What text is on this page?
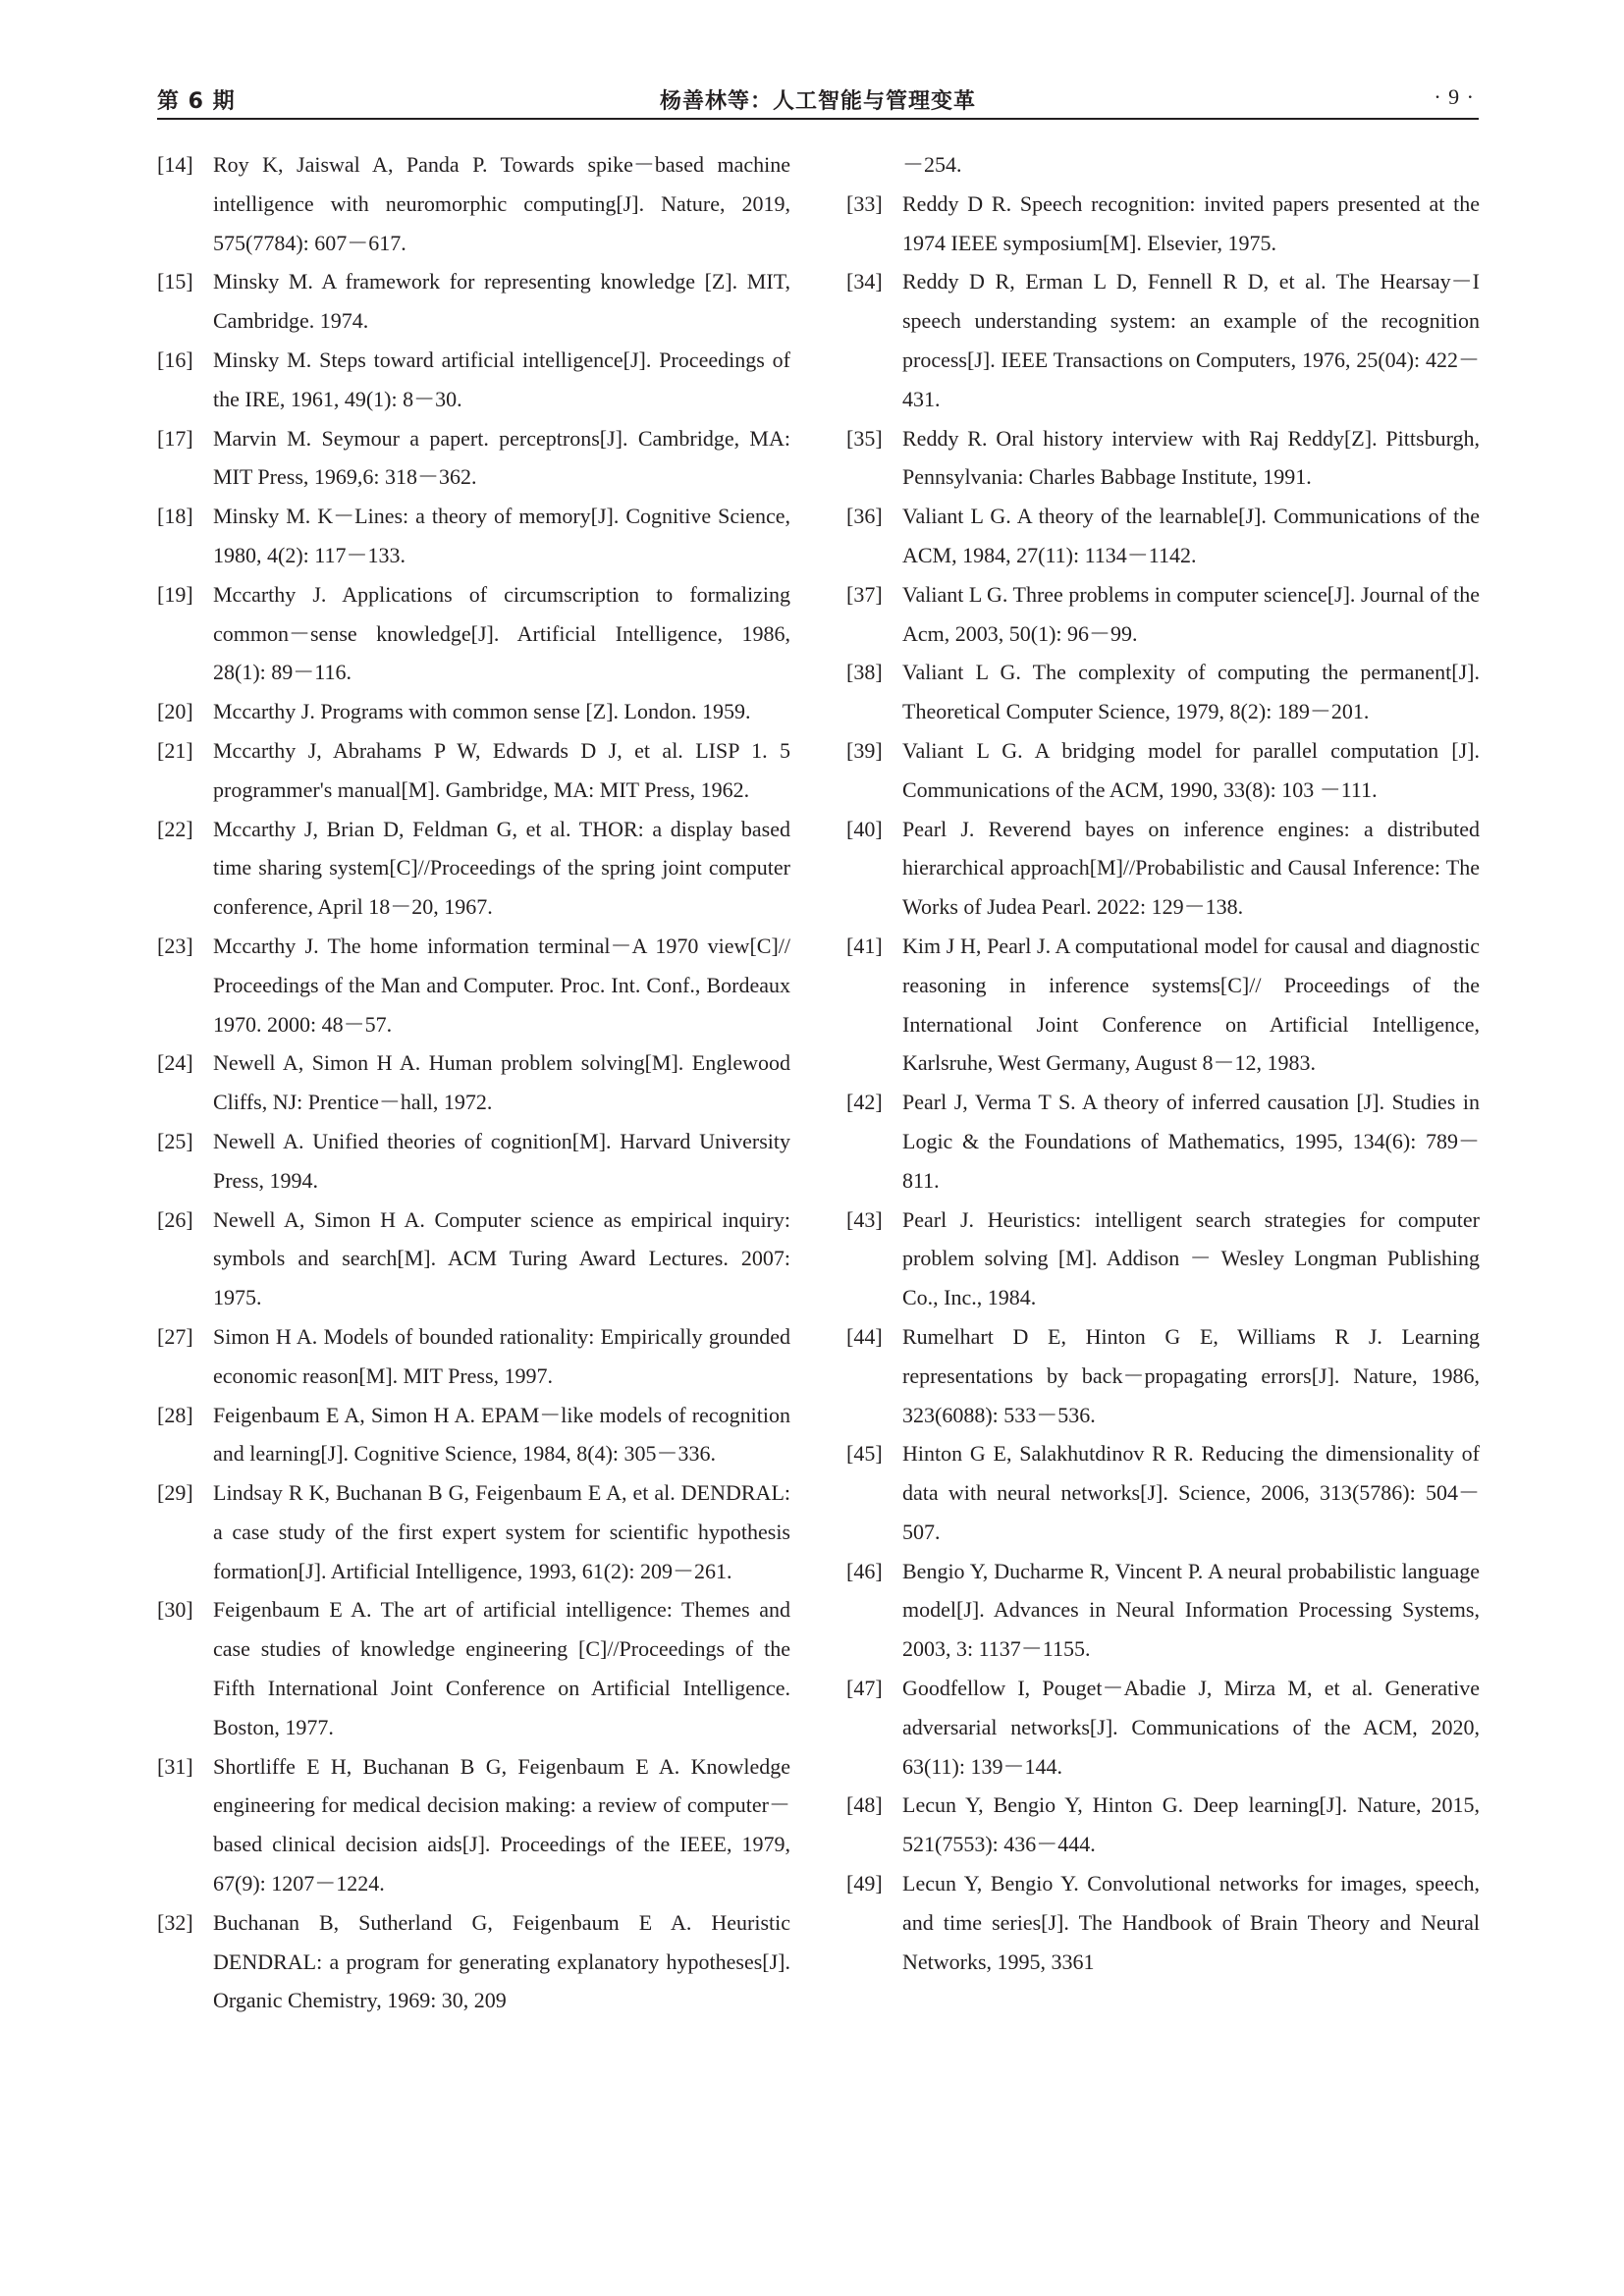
第 6 期	杨善林等：人工智能与管理变革	· 9 ·
[14] Roy K, Jaiswal A, Panda P. Towards spike－based machine intelligence with neuromorphic computing[J]. Nature, 2019, 575(7784): 607－617.
[15] Minsky M. A framework for representing knowledge [Z]. MIT, Cambridge. 1974.
[16] Minsky M. Steps toward artificial intelligence[J]. Proceedings of the IRE, 1961, 49(1): 8－30.
[17] Marvin M. Seymour a papert. perceptrons[J]. Cambridge, MA: MIT Press, 1969,6: 318－362.
[18] Minsky M. K－Lines: a theory of memory[J]. Cognitive Science, 1980, 4(2): 117－133.
[19] Mccarthy J. Applications of circumscription to formalizing common－sense knowledge[J]. Artificial Intelligence, 1986, 28(1): 89－116.
[20] Mccarthy J. Programs with common sense [Z]. London. 1959.
[21] Mccarthy J, Abrahams P W, Edwards D J, et al. LISP 1. 5 programmer's manual[M]. Gambridge, MA: MIT Press, 1962.
[22] Mccarthy J, Brian D, Feldman G, et al. THOR: a display based time sharing system[C]//Proceedings of the spring joint computer conference, April 18－20, 1967.
[23] Mccarthy J. The home information terminal－A 1970 view[C]// Proceedings of the Man and Computer. Proc. Int. Conf., Bordeaux 1970. 2000: 48－57.
[24] Newell A, Simon H A. Human problem solving[M]. Englewood Cliffs, NJ: Prentice－hall, 1972.
[25] Newell A. Unified theories of cognition[M]. Harvard University Press, 1994.
[26] Newell A, Simon H A. Computer science as empirical inquiry: symbols and search[M]. ACM Turing Award Lectures. 2007: 1975.
[27] Simon H A. Models of bounded rationality: Empirically grounded economic reason[M]. MIT Press, 1997.
[28] Feigenbaum E A, Simon H A. EPAM－like models of recognition and learning[J]. Cognitive Science, 1984, 8(4): 305－336.
[29] Lindsay R K, Buchanan B G, Feigenbaum E A, et al. DENDRAL: a case study of the first expert system for scientific hypothesis formation[J]. Artificial Intelligence, 1993, 61(2): 209－261.
[30] Feigenbaum E A. The art of artificial intelligence: Themes and case studies of knowledge engineering [C]//Proceedings of the Fifth International Joint Conference on Artificial Intelligence. Boston, 1977.
[31] Shortliffe E H, Buchanan B G, Feigenbaum E A. Knowledge engineering for medical decision making: a review of computer－based clinical decision aids[J]. Proceedings of the IEEE, 1979, 67(9): 1207－1224.
[32] Buchanan B, Sutherland G, Feigenbaum E A. Heuristic DENDRAL: a program for generating explanatory hypotheses[J]. Organic Chemistry, 1969: 30, 209
－254.
[33] Reddy D R. Speech recognition: invited papers presented at the 1974 IEEE symposium[M]. Elsevier, 1975.
[34] Reddy D R, Erman L D, Fennell R D, et al. The Hearsay－I speech understanding system: an example of the recognition process[J]. IEEE Transactions on Computers, 1976, 25(04): 422－431.
[35] Reddy R. Oral history interview with Raj Reddy[Z]. Pittsburgh, Pennsylvania: Charles Babbage Institute, 1991.
[36] Valiant L G. A theory of the learnable[J]. Communications of the ACM, 1984, 27(11): 1134－1142.
[37] Valiant L G. Three problems in computer science[J]. Journal of the Acm, 2003, 50(1): 96－99.
[38] Valiant L G. The complexity of computing the permanent[J]. Theoretical Computer Science, 1979, 8(2): 189－201.
[39] Valiant L G. A bridging model for parallel computation [J]. Communications of the ACM, 1990, 33(8): 103 －111.
[40] Pearl J. Reverend bayes on inference engines: a distributed hierarchical approach[M]//Probabilistic and Causal Inference: The Works of Judea Pearl. 2022: 129－138.
[41] Kim J H, Pearl J. A computational model for causal and diagnostic reasoning in inference systems[C]// Proceedings of the International Joint Conference on Artificial Intelligence, Karlsruhe, West Germany, August 8－12, 1983.
[42] Pearl J, Verma T S. A theory of inferred causation [J]. Studies in Logic & the Foundations of Mathematics, 1995, 134(6): 789－811.
[43] Pearl J. Heuristics: intelligent search strategies for computer problem solving [M]. Addison － Wesley Longman Publishing Co., Inc., 1984.
[44] Rumelhart D E, Hinton G E, Williams R J. Learning representations by back－propagating errors[J]. Nature, 1986, 323(6088): 533－536.
[45] Hinton G E, Salakhutdinov R R. Reducing the dimensionality of data with neural networks[J]. Science, 2006, 313(5786): 504－507.
[46] Bengio Y, Ducharme R, Vincent P. A neural probabilistic language model[J]. Advances in Neural Information Processing Systems, 2003, 3: 1137－1155.
[47] Goodfellow I, Pouget－Abadie J, Mirza M, et al. Generative adversarial networks[J]. Communications of the ACM, 2020, 63(11): 139－144.
[48] Lecun Y, Bengio Y, Hinton G. Deep learning[J]. Nature, 2015, 521(7553): 436－444.
[49] Lecun Y, Bengio Y. Convolutional networks for images, speech, and time series[J]. The Handbook of Brain Theory and Neural Networks, 1995, 3361
